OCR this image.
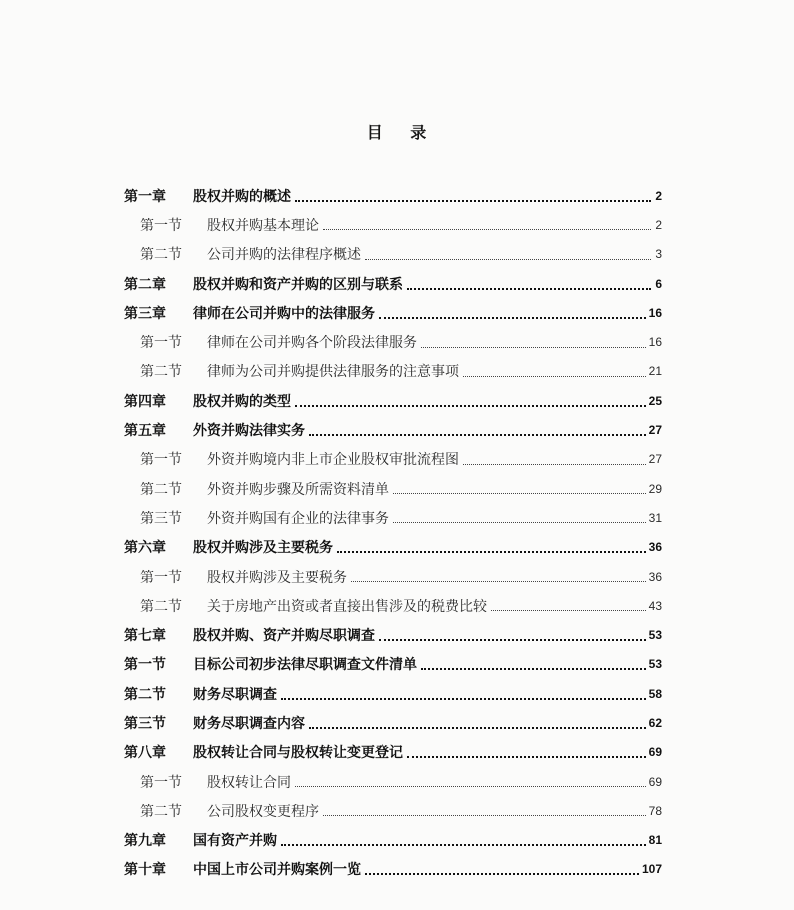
目 录
第一章	股权并购的概述	2
第一节	股权并购基本理论	2
第二节	公司并购的法律程序概述	3
第二章	股权并购和资产并购的区别与联系	6
第三章	律师在公司并购中的法律服务	16
第一节	律师在公司并购各个阶段法律服务	16
第二节	律师为公司并购提供法律服务的注意事项	21
第四章	股权并购的类型	25
第五章	外资并购法律实务	27
第一节	外资并购境内非上市企业股权审批流程图	27
第二节	外资并购步骤及所需资料清单	29
第三节	外资并购国有企业的法律事务	31
第六章	股权并购涉及主要税务	36
第一节	股权并购涉及主要税务	36
第二节	关于房地产出资或者直接出售涉及的税费比较	43
第七章	股权并购、资产并购尽职调查	53
第一节	目标公司初步法律尽职调查文件清单	53
第二节	财务尽职调查	58
第三节	财务尽职调查内容	62
第八章	股权转让合同与股权转让变更登记	69
第一节	股权转让合同	69
第二节	公司股权变更程序	78
第九章	国有资产并购	81
第十章	中国上市公司并购案例一览	107
